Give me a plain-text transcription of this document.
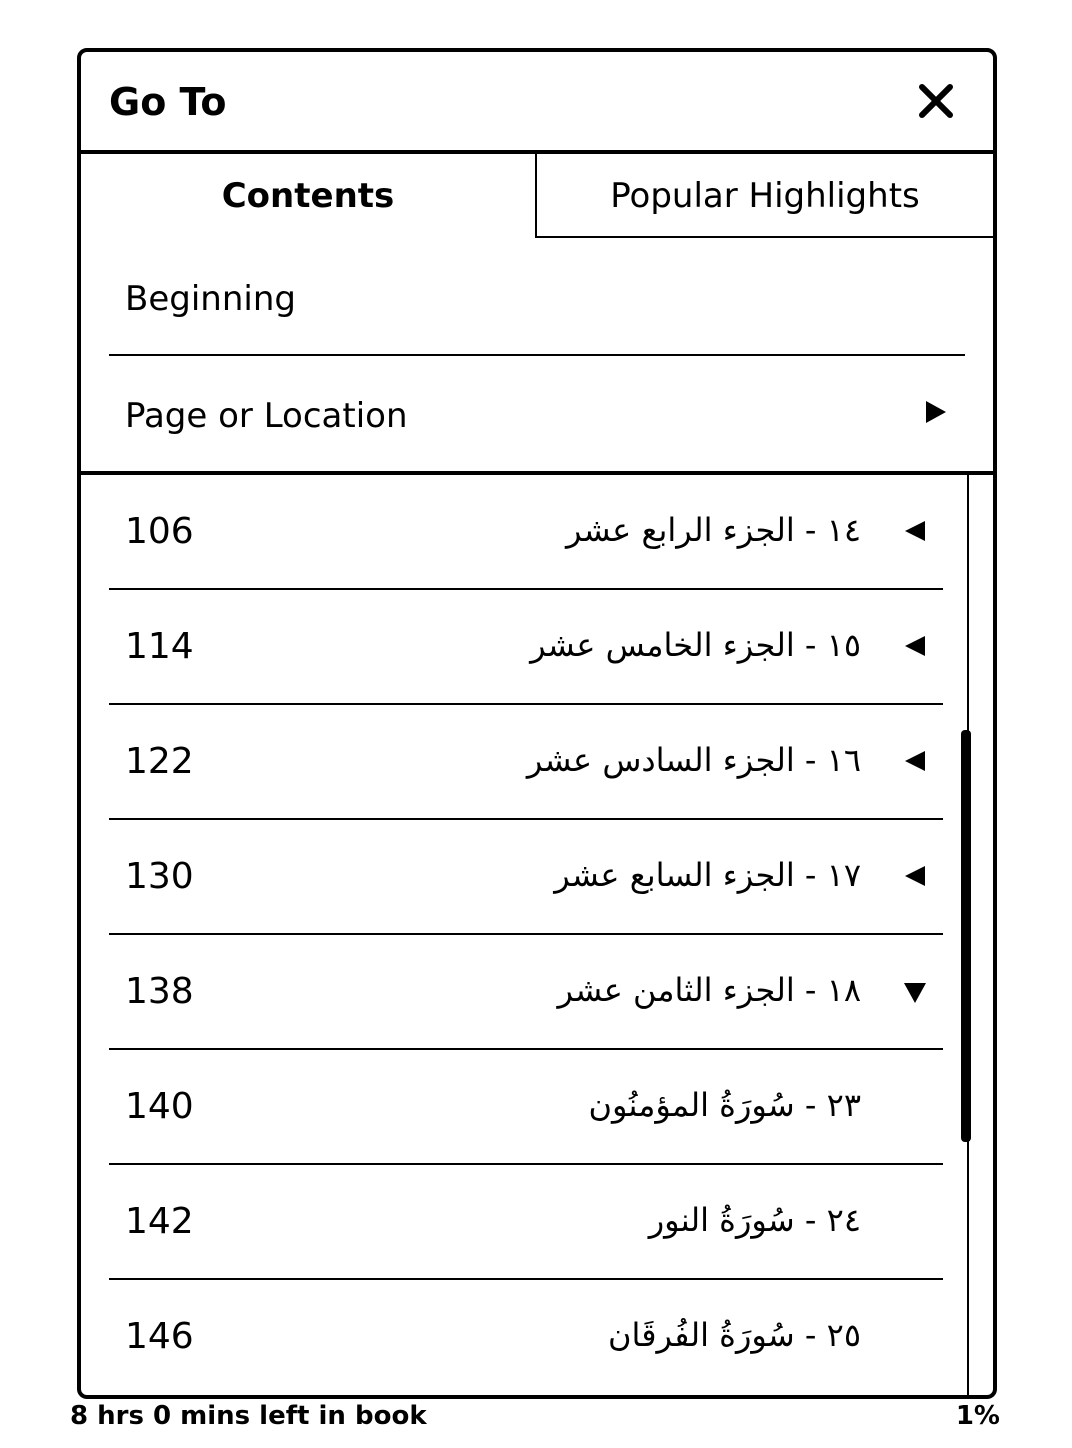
Go To
Contents	Popular Highlights
Beginning
Page or Location
106	١٤ - الجزء الرابع عشر
114	١٥ - الجزء الخامس عشر
122	١٦ - الجزء السادس عشر
130	١٧ - الجزء السابع عشر
138	١٨ - الجزء الثامن عشر
140	٢٣ - سُورَةُ المؤمنُون
142	٢٤ - سُورَةُ النور
146	٢٥ - سُورَةُ الفُرقَان
8 hrs 0 mins left in book	1%
